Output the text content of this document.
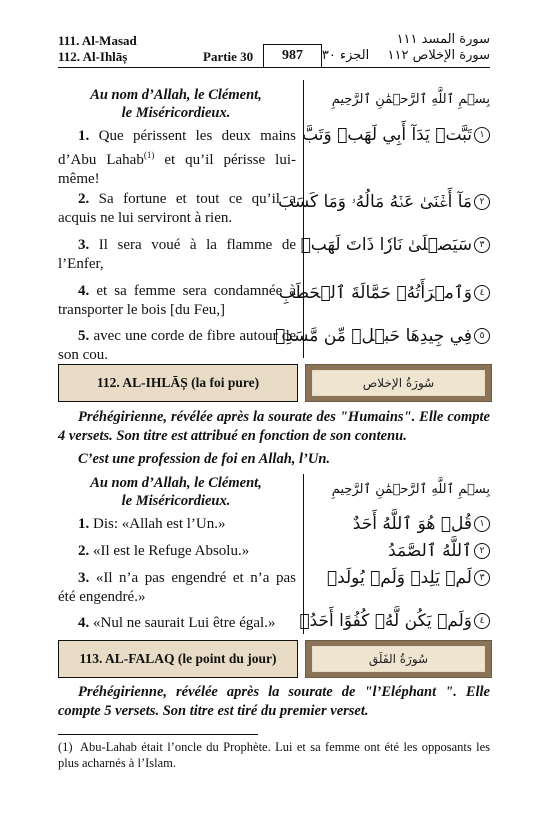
111. Al-Masad
112. Al-Ihlāș	Partie 30	987
سورة المسد ١١١
سورة الإخلاص ١١٢  الجزء ٣٠
Au nom d’Allah, le Clément,
le Miséricordieux.
بِسۡمِ ٱللَّهِ ٱلرَّحۡمَٰنِ ٱلرَّحِيمِ
1. Que périssent les deux mains d’Abu Lahab$^{(1)}$ et qu’il périsse lui-même!
١تَبَّتۡ يَدَآ أَبِي لَهَبٖ وَتَبَّ
2. Sa fortune et tout ce qu’il a acquis ne lui serviront à rien.
٢مَآ أَغۡنَىٰ عَنۡهُ مَالُهُۥ وَمَا كَسَبَ
3. Il sera voué à la flamme de l’Enfer,
٣سَيَصۡلَىٰ نَارٗا ذَاتَ لَهَبٖ
4. et sa femme sera condamnée à transporter le bois [du Feu,]
٤وَٱمۡرَأَتُهُۥ حَمَّالَةَ ٱلۡحَطَبِ
5. avec une corde de fibre autour de son cou.
٥فِي جِيدِهَا حَبۡلٞ مِّن مَّسَدِۭ
112. AL-IHLĀȘ (la foi pure)	سُورَةُ الإخلاص
Préhégirienne, révélée après la sourate des "Humains". Elle compte 4 versets. Son titre est attribué en fonction de son contenu.
C’est une profession de foi en Allah, l’Un.
Au nom d’Allah, le Clément,
le Miséricordieux.
بِسۡمِ ٱللَّهِ ٱلرَّحۡمَٰنِ ٱلرَّحِيمِ
1. Dis: «Allah est l’Un.»	١قُلۡ هُوَ ٱللَّهُ أَحَدٌ
2. «Il est le Refuge Absolu.»	٢ٱللَّهُ ٱلصَّمَدُ
3. «Il n’a pas engendré et n’a pas été engendré.»
٣لَمۡ يَلِدۡ وَلَمۡ يُولَدۡ
4. «Nul ne saurait Lui être égal.»	٤وَلَمۡ يَكُن لَّهُۥ كُفُوًا أَحَدُۢ
113. AL-FALAQ (le point du jour)	سُورَةُ الفَلَق
Préhégirienne, révélée après la sourate de "l’Eléphant ". Elle compte 5 versets. Son titre est tiré du premier verset.
(1) Abu-Lahab était l’oncle du Prophète. Lui et sa femme ont été les opposants les plus acharnés à l’Islam.
